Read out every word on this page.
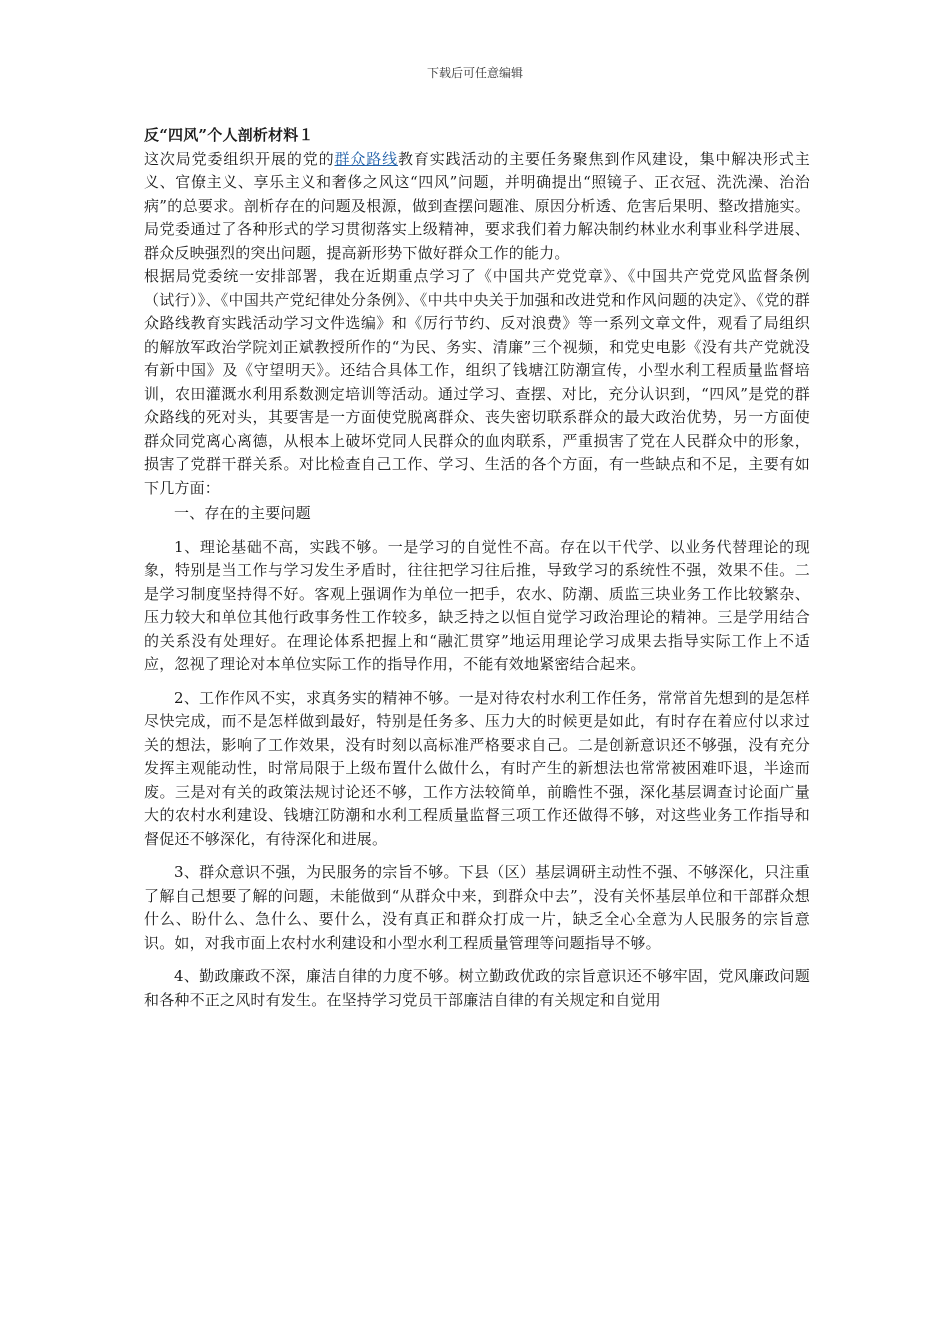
下载后可任意编辑

反“四风”个人剖析材料１

这次局党委组织开展的党的群众路线教育实践活动的主要任务聚焦到作风建设，集中解决形式主义、官僚主义、享乐主义和奢侈之风这“四风”问题，并明确提出“照镜子、正衣冠、洗洗澡、治治病”的总要求。剖析存在的问题及根源，做到查摆问题准、原因分析透、危害后果明、整改措施实。局党委通过了各种形式的学习贯彻落实上级精神，要求我们着力解决制约林业水利事业科学进展、群众反映强烈的突出问题，提高新形势下做好群众工作的能力。

根据局党委统一安排部署，我在近期重点学习了《中国共产党党章》、《中国共产党党风监督条例（试行）》、《中国共产党纪律处分条例》、《中共中央关于加强和改进党和作风问题的决定》、《党的群众路线教育实践活动学习文件选编》和《厉行节约、反对浪费》等一系列文章文件，观看了局组织的解放军政治学院刘正斌教授所作的“为民、务实、清廉”三个视频，和党史电影《没有共产党就没有新中国》及《守望明天》。还结合具体工作，组织了钱塘江防潮宣传，小型水利工程质量监督培训，农田灌溉水利用系数测定培训等活动。通过学习、查摆、对比，充分认识到，“四风”是党的群众路线的死对头，其要害是一方面使党脱离群众、丧失密切联系群众的最大政治优势，另一方面使群众同党离心离德，从根本上破坏党同人民群众的血肉联系，严重损害了党在人民群众中的形象，损害了党群干群关系。对比检查自己工作、学习、生活的各个方面，有一些缺点和不足，主要有如下几方面：

一、存在的主要问题

1、理论基础不高，实践不够。一是学习的自觉性不高。存在以干代学、以业务代替理论的现象，特别是当工作与学习发生矛盾时，往往把学习往后推，导致学习的系统性不强，效果不佳。二是学习制度坚持得不好。客观上强调作为单位一把手，农水、防潮、质监三块业务工作比较繁杂、压力较大和单位其他行政事务性工作较多，缺乏持之以恒自觉学习政治理论的精神。三是学用结合的关系没有处理好。在理论体系把握上和“融汇贯穿”地运用理论学习成果去指导实际工作上不适应，忽视了理论对本单位实际工作的指导作用，不能有效地紧密结合起来。

2、工作作风不实，求真务实的精神不够。一是对待农村水利工作任务，常常首先想到的是怎样尽快完成，而不是怎样做到最好，特别是任务多、压力大的时候更是如此，有时存在着应付以求过关的想法，影响了工作效果，没有时刻以高标准严格要求自己。二是创新意识还不够强，没有充分发挥主观能动性，时常局限于上级布置什么做什么，有时产生的新想法也常常被困难吓退，半途而废。三是对有关的政策法规讨论还不够，工作方法较简单，前瞻性不强，深化基层调查讨论面广量大的农村水利建设、钱塘江防潮和水利工程质量监督三项工作还做得不够，对这些业务工作指导和督促还不够深化，有待深化和进展。

3、群众意识不强，为民服务的宗旨不够。下县（区）基层调研主动性不强、不够深化，只注重了解自己想要了解的问题，未能做到“从群众中来，到群众中去”，没有关怀基层单位和干部群众想什么、盼什么、急什么、要什么，没有真正和群众打成一片，缺乏全心全意为人民服务的宗旨意识。如，对我市面上农村水利建设和小型水利工程质量管理等问题指导不够。

4、勤政廉政不深，廉洁自律的力度不够。树立勤政优政的宗旨意识还不够牢固，党风廉政问题和各种不正之风时有发生。在坚持学习党员干部廉洁自律的有关规定和自觉用
